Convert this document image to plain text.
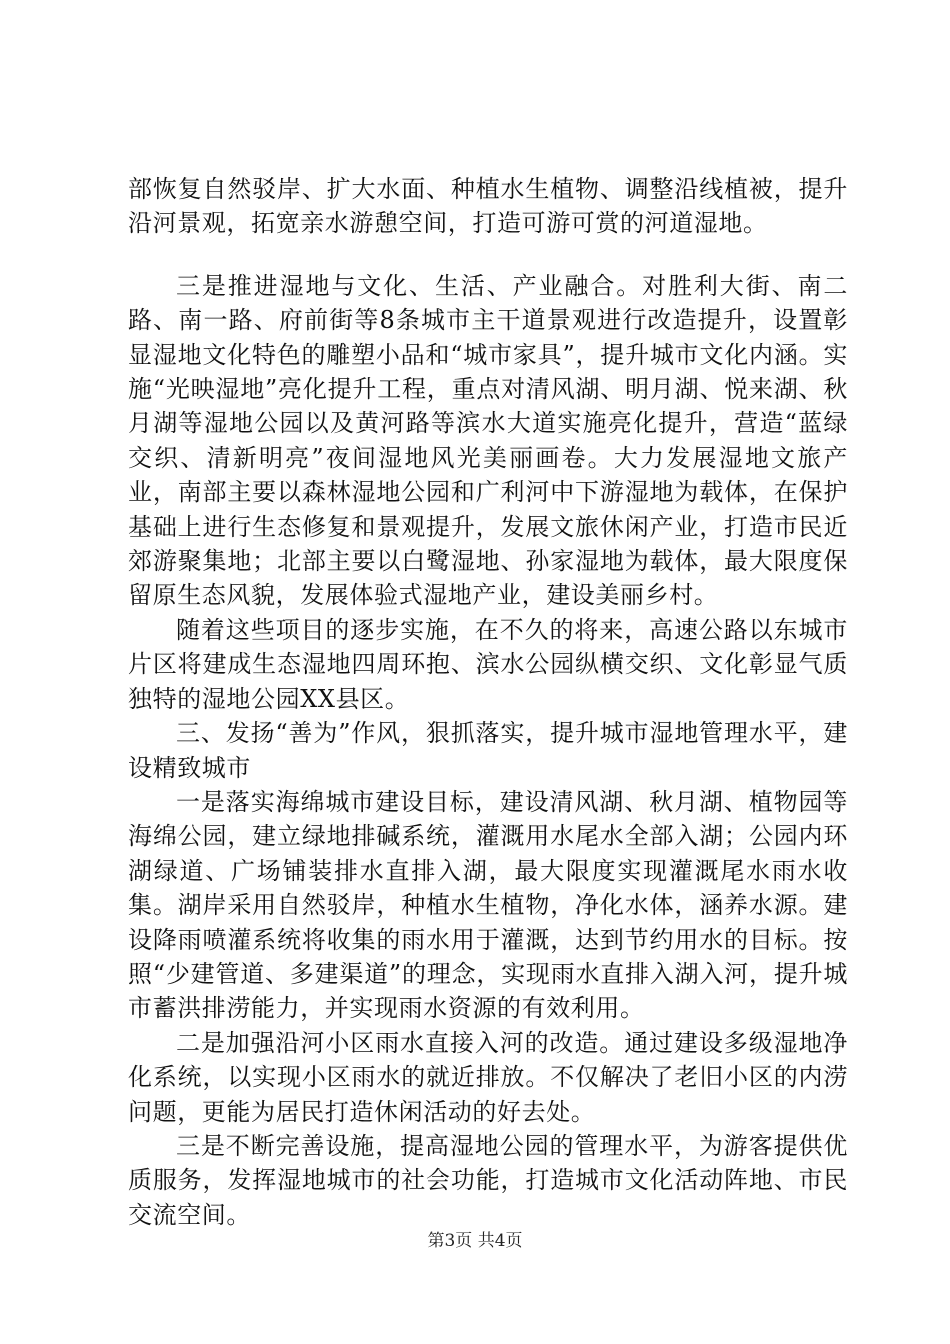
部恢复自然驳岸、扩大水面、种植水生植物、调整沿线植被，提升沿河景观，拓宽亲水游憩空间，打造可游可赏的河道湿地。

三是推进湿地与文化、生活、产业融合。对胜利大街、南二路、南一路、府前街等8条城市主干道景观进行改造提升，设置彰显湿地文化特色的雕塑小品和“城市家具”，提升城市文化内涵。实施“光映湿地”亮化提升工程，重点对清风湖、明月湖、悦来湖、秋月湖等湿地公园以及黄河路等滨水大道实施亮化提升，营造“蓝绿交织、清新明亮”夜间湿地风光美丽画卷。大力发展湿地文旅产业，南部主要以森林湿地公园和广利河中下游湿地为载体，在保护基础上进行生态修复和景观提升，发展文旅休闲产业，打造市民近郊游聚集地；北部主要以白鹭湿地、孙家湿地为载体，最大限度保留原生态风貌，发展体验式湿地产业，建设美丽乡村。

随着这些项目的逐步实施，在不久的将来，高速公路以东城市片区将建成生态湿地四周环抱、滨水公园纵横交织、文化彰显气质独特的湿地公园XX县区。

三、发扬“善为”作风，狠抓落实，提升城市湿地管理水平，建设精致城市

一是落实海绵城市建设目标，建设清风湖、秋月湖、植物园等海绵公园，建立绿地排碱系统，灌溉用水尾水全部入湖；公园内环湖绿道、广场铺装排水直排入湖，最大限度实现灌溉尾水雨水收集。湖岸采用自然驳岸，种植水生植物，净化水体，涵养水源。建设降雨喷灌系统将收集的雨水用于灌溉，达到节约用水的目标。按照“少建管道、多建渠道”的理念，实现雨水直排入湖入河，提升城市蓄洪排涝能力，并实现雨水资源的有效利用。

二是加强沿河小区雨水直接入河的改造。通过建设多级湿地净化系统，以实现小区雨水的就近排放。不仅解决了老旧小区的内涝问题，更能为居民打造休闲活动的好去处。

三是不断完善设施，提高湿地公园的管理水平，为游客提供优质服务，发挥湿地城市的社会功能，打造城市文化活动阵地、市民交流空间。

第3页 共4页
